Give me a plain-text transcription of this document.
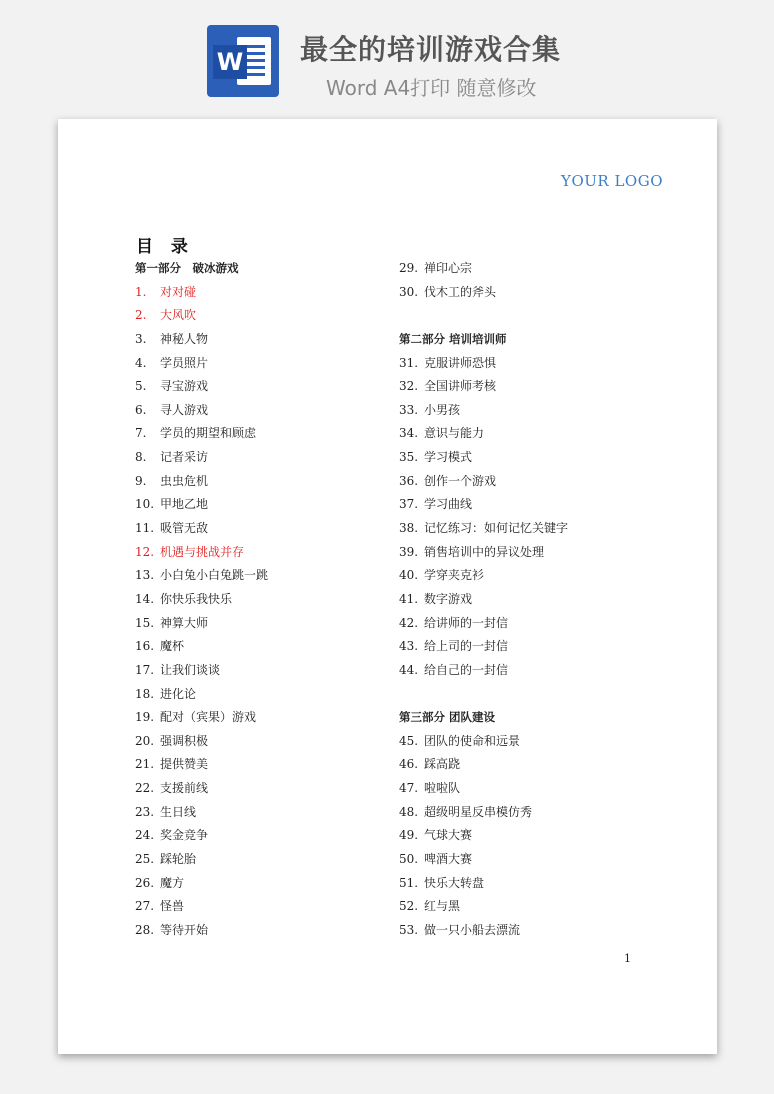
W 最全的培训游戏合集
Word A4打印 随意修改
YOUR LOGO
目 录
第一部分　破冰游戏
1. 对对碰
2. 大风吹
3. 神秘人物
4. 学员照片
5. 寻宝游戏
6. 寻人游戏
7. 学员的期望和顾虑
8. 记者采访
9. 虫虫危机
10. 甲地乙地
11. 吸管无敌
12. 机遇与挑战并存
13. 小白兔小白兔跳一跳
14. 你快乐我快乐
15. 神算大师
16. 魔杯
17. 让我们谈谈
18. 进化论
19. 配对（宾果）游戏
20. 强调积极
21. 提供赞美
22. 支援前线
23. 生日线
24. 奖金竞争
25. 踩轮胎
26. 魔方
27. 怪兽
28. 等待开始
29. 禅印心宗
30. 伐木工的斧头
第二部分 培训培训师
31. 克服讲师恐惧
32. 全国讲师考核
33. 小男孩
34. 意识与能力
35. 学习模式
36. 创作一个游戏
37. 学习曲线
38. 记忆练习：如何记忆关键字
39. 销售培训中的异议处理
40. 学穿夹克衫
41. 数字游戏
42. 给讲师的一封信
43. 给上司的一封信
44. 给自己的一封信
第三部分 团队建设
45. 团队的使命和远景
46. 踩高跷
47. 啦啦队
48. 超级明星反串模仿秀
49. 气球大赛
50. 啤酒大赛
51. 快乐大转盘
52. 红与黑
53. 做一只小船去漂流
1
